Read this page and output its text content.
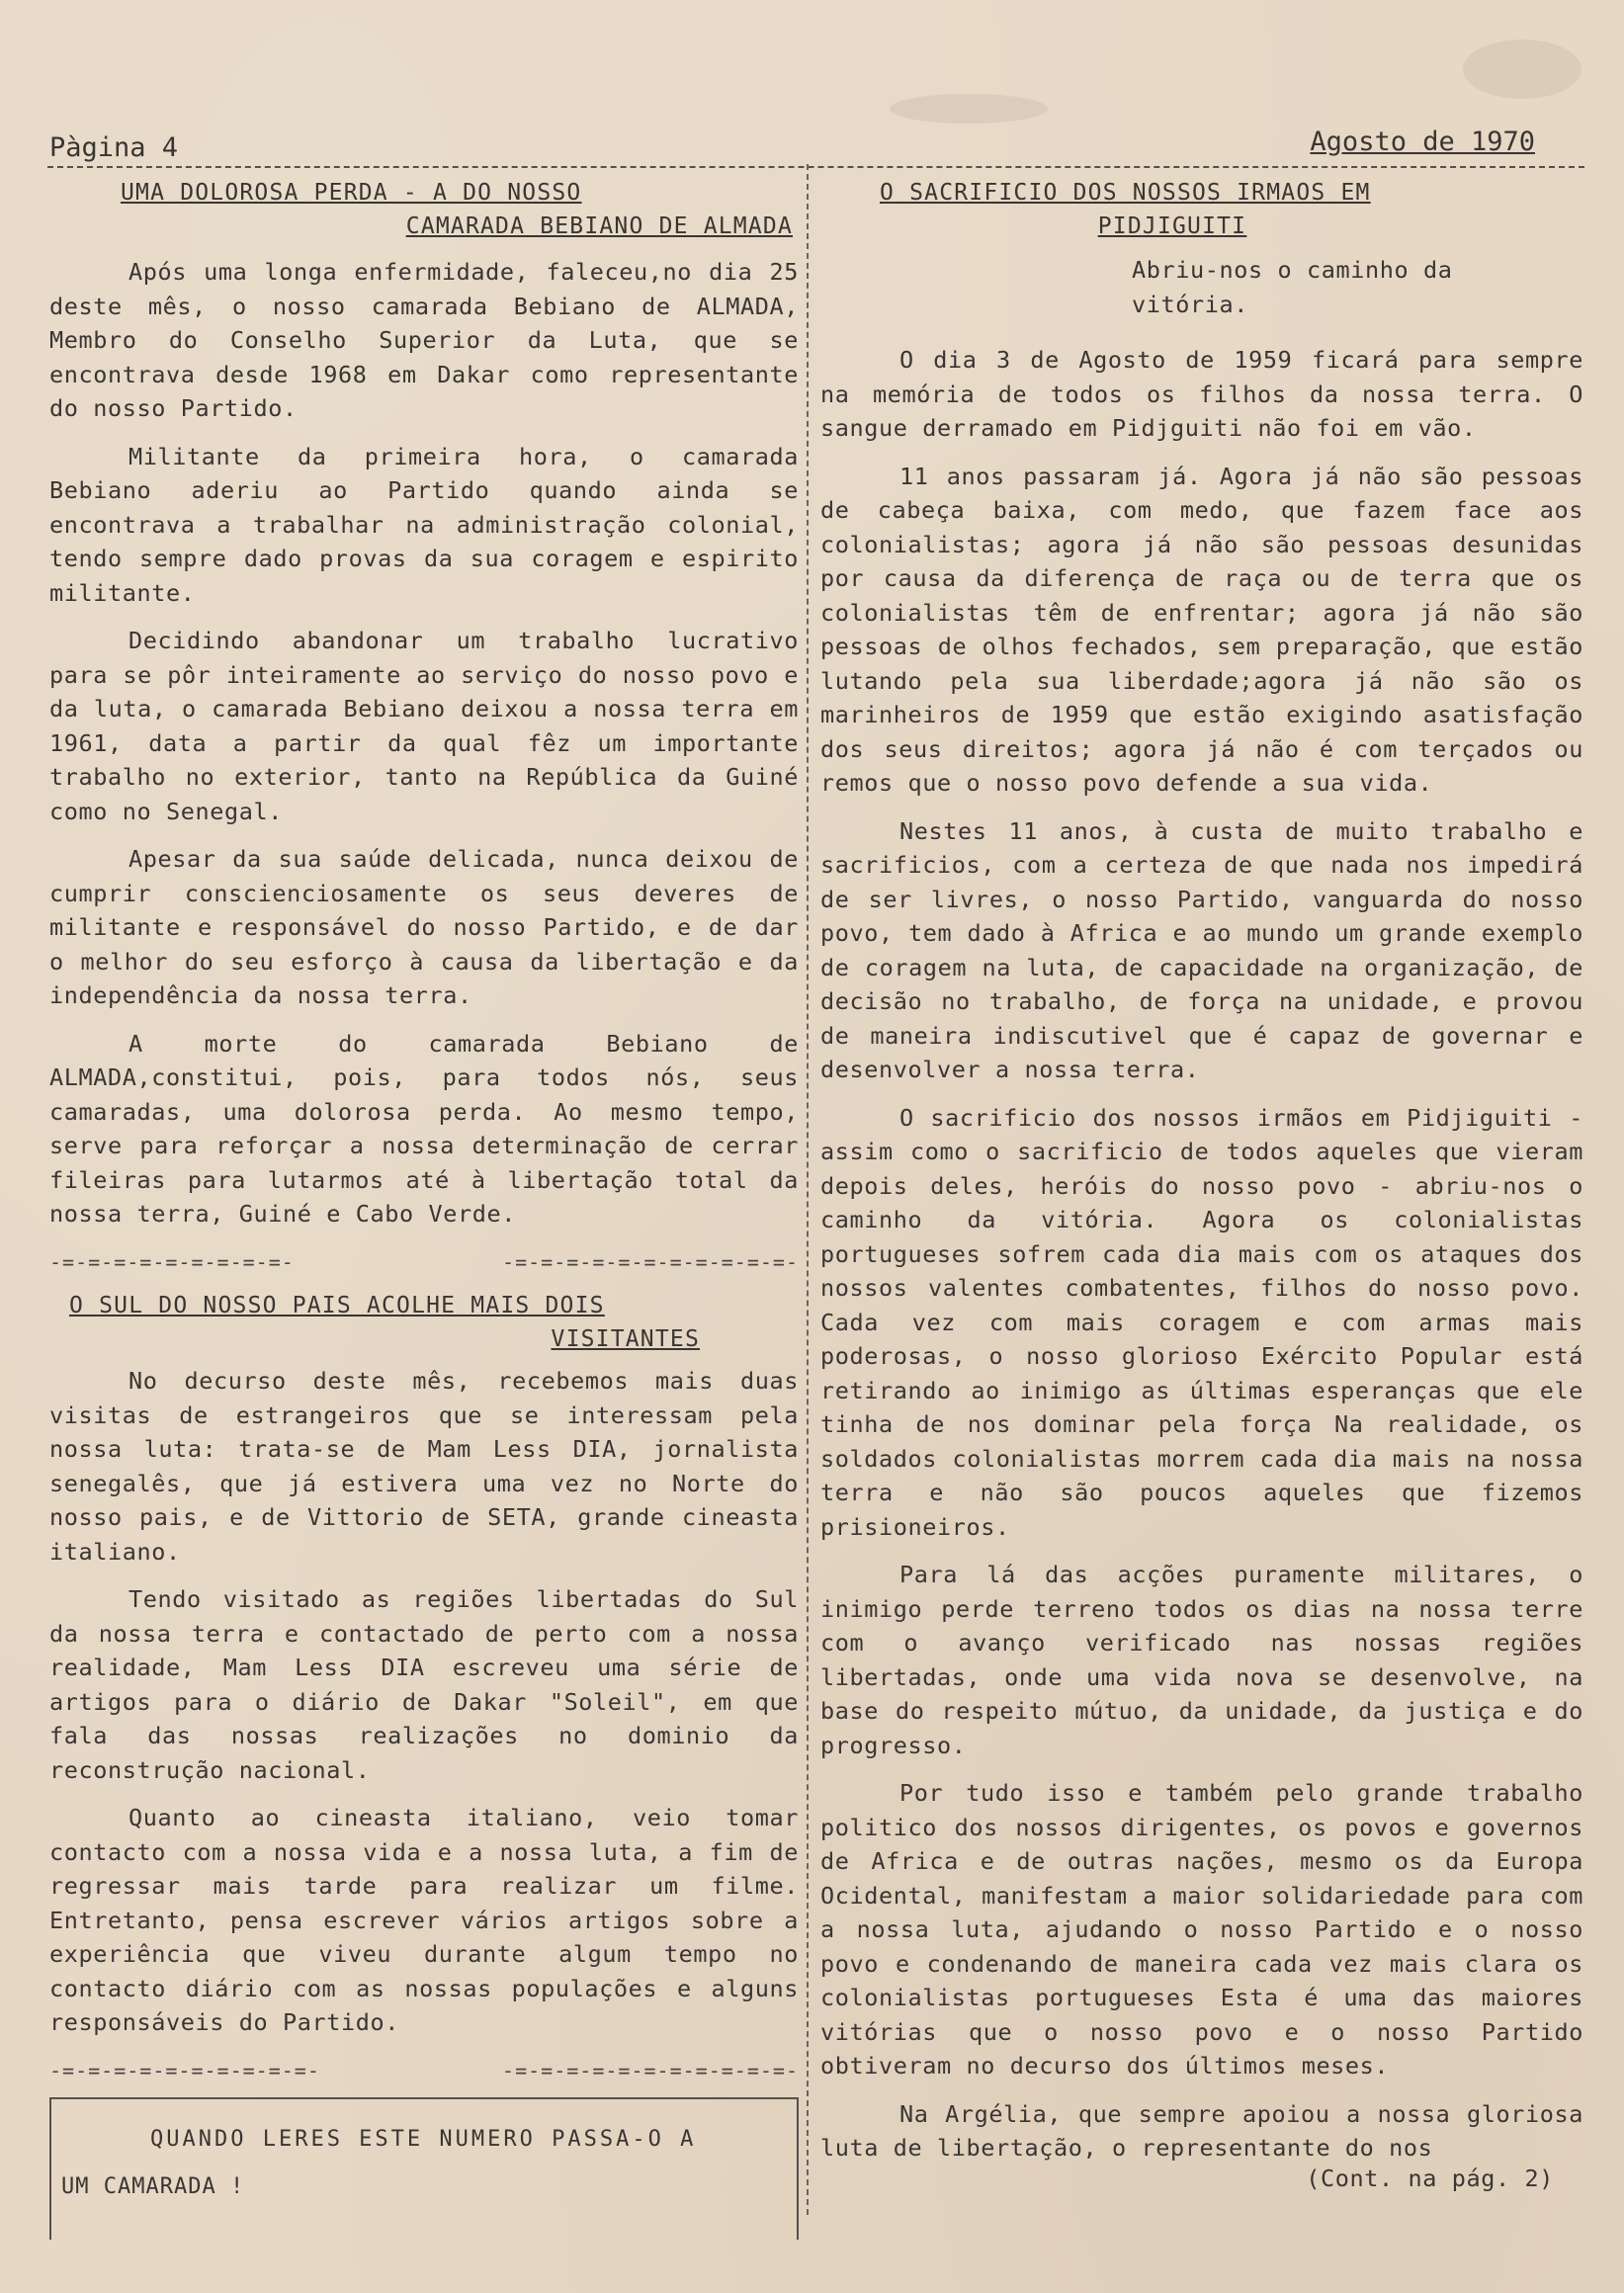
Pàgina 4	Agosto de 1970
UMA DOLOROSA PERDA - A DO NOSSO
CAMARADA BEBIANO DE ALMADA

Após uma longa enfermidade, faleceu,no dia 25 deste mês, o nosso camarada Bebiano de ALMADA, Membro do Conselho Superior da Luta, que se encontrava desde 1968 em Dakar como representante do nosso Partido.

Militante da primeira hora, o camarada Bebiano aderiu ao Partido quando ainda se encontrava a trabalhar na administração colonial, tendo sempre dado provas da sua coragem e espirito militante.

Decidindo abandonar um trabalho lucrativo para se pôr inteiramente ao serviço do nosso povo e da luta, o camarada Bebiano deixou a nossa terra em 1961, data a partir da qual fêz um importante trabalho no exterior, tanto na República da Guiné como no Senegal.

Apesar da sua saúde delicada, nunca deixou de cumprir conscienciosamente os seus deveres de militante e responsável do nosso Partido, e de dar o melhor do seu esforço à causa da libertação e da independência da nossa terra.

A morte do camarada Bebiano de ALMADA,constitui, pois, para todos nós, seus camaradas, uma dolorosa perda. Ao mesmo tempo, serve para reforçar a nossa determinação de cerrar fileiras para lutarmos até à libertação total da nossa terra, Guiné e Cabo Verde.

-=-=-=-=-=-=-=-=-=-	-=-=-=-=-=-=-=-=-=-=-=-
O SUL DO NOSSO PAIS ACOLHE MAIS DOIS
VISITANTES

No decurso deste mês, recebemos mais duas visitas de estrangeiros que se interessam pela nossa luta: trata-se de Mam Less DIA, jornalista senegalês, que já estivera uma vez no Norte do nosso pais, e de Vittorio de SETA, grande cineasta italiano.

Tendo visitado as regiões libertadas do Sul da nossa terra e contactado de perto com a nossa realidade, Mam Less DIA escreveu uma série de artigos para o diário de Dakar "Soleil", em que fala das nossas realizações no dominio da reconstrução nacional.

Quanto ao cineasta italiano, veio tomar contacto com a nossa vida e a nossa luta, a fim de regressar mais tarde para realizar um filme. Entretanto, pensa escrever vários artigos sobre a experiência que viveu durante algum tempo no contacto diário com as nossas populações e alguns responsáveis do Partido.

-=-=-=-=-=-=-=-=-=-=-	-=-=-=-=-=-=-=-=-=-=-=-
QUANDO LERES ESTE NUMERO PASSA-O A
UM CAMARADA !
O SACRIFICIO DOS NOSSOS IRMAOS EM
PIDJIGUITI
Abriu-nos o caminho da vitória.

O dia 3 de Agosto de 1959 ficará para sempre na memória de todos os filhos da nossa terra. O sangue derramado em Pidjguiti não foi em vão.

11 anos passaram já. Agora já não são pessoas de cabeça baixa, com medo, que fazem face aos colonialistas; agora já não são pessoas desunidas por causa da diferença de raça ou de terra que os colonialistas têm de enfrentar; agora já não são pessoas de olhos fechados, sem preparação, que estão lutando pela sua liberdade;agora já não são os marinheiros de 1959 que estão exigindo asatisfação dos seus direitos; agora já não é com terçados ou remos que o nosso povo defende a sua vida.

Nestes 11 anos, à custa de muito trabalho e sacrificios, com a certeza de que nada nos impedirá de ser livres, o nosso Partido, vanguarda do nosso povo, tem dado à Africa e ao mundo um grande exemplo de coragem na luta, de capacidade na organização, de decisão no trabalho, de força na unidade, e provou de maneira indiscutivel que é capaz de governar e desenvolver a nossa terra.

O sacrificio dos nossos irmãos em Pidjiguiti - assim como o sacrificio de todos aqueles que vieram depois deles, heróis do nosso povo - abriu-nos o caminho da vitória. Agora os colonialistas portugueses sofrem cada dia mais com os ataques dos nossos valentes combatentes, filhos do nosso povo. Cada vez com mais coragem e com armas mais poderosas, o nosso glorioso Exército Popular está retirando ao inimigo as últimas esperanças que ele tinha de nos dominar pela força Na realidade, os soldados colonialistas morrem cada dia mais na nossa terra e não são poucos aqueles que fizemos prisioneiros.

Para lá das acções puramente militares, o inimigo perde terreno todos os dias na nossa terre com o avanço verificado nas nossas regiões libertadas, onde uma vida nova se desenvolve, na base do respeito mútuo, da unidade, da justiça e do progresso.

Por tudo isso e também pelo grande trabalho politico dos nossos dirigentes, os povos e governos de Africa e de outras nações, mesmo os da Europa Ocidental, manifestam a maior solidariedade para com a nossa luta, ajudando o nosso Partido e o nosso povo e condenando de maneira cada vez mais clara os colonialistas portugueses Esta é uma das maiores vitórias que o nosso povo e o nosso Partido obtiveram no decurso dos últimos meses.

Na Argélia, que sempre apoiou a nossa gloriosa luta de libertação, o representante do nos

(Cont. na pág. 2)
